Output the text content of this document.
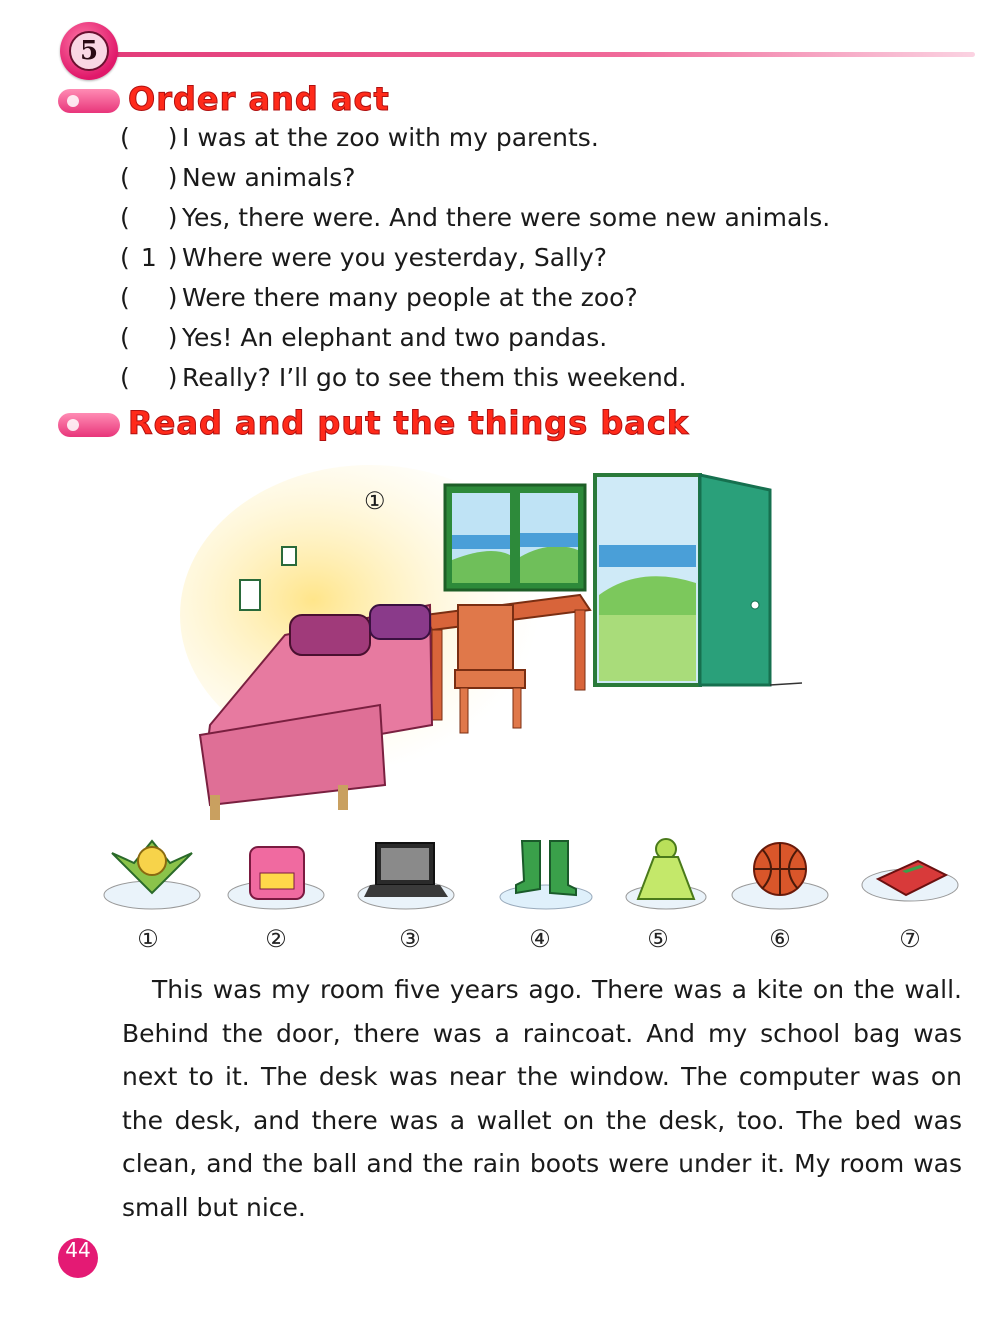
5
Order and act
( ) I was at the zoo with my parents.
( ) New animals?
( ) Yes, there were. And there were some new animals.
( 1 ) Where were you yesterday, Sally?
( ) Were there many people at the zoo?
( ) Yes! An elephant and two pandas.
( ) Really? I’ll go to see them this weekend.
Read and put the things back
①
①	②	③	④	⑤	⑥	⑦

This was my room five years ago. There was a kite on the wall. Behind the door, there was a raincoat. And my school bag was next to it. The desk was near the window. The computer was on the desk, and there was a wallet on the desk, too. The bed was clean, and the ball and the rain boots were under it. My room was small but nice.

44
